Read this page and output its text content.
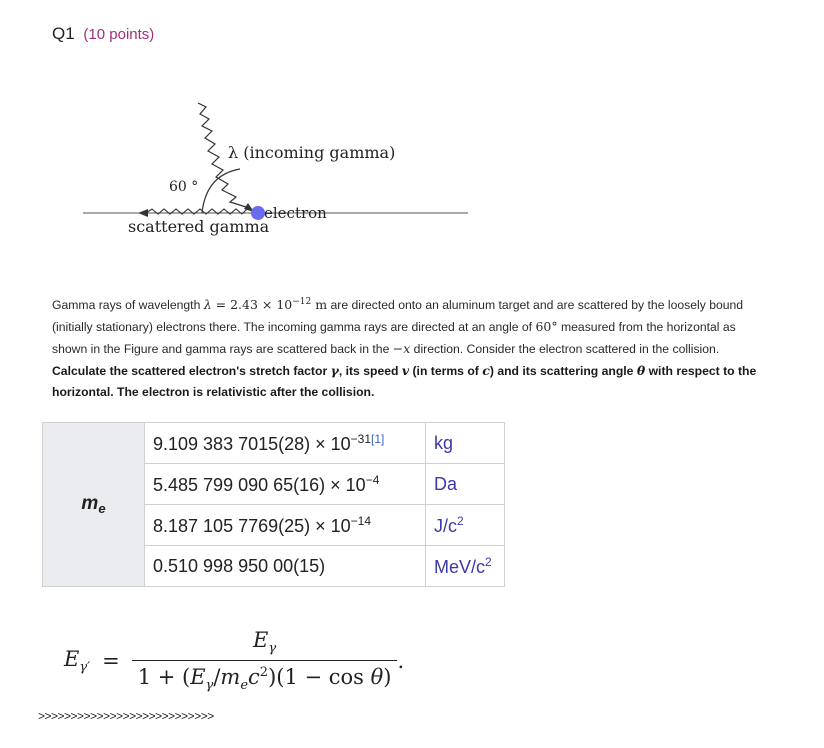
Q1 (10 points)
λ (incoming gamma)
60 °
electron
scattered gamma
Gamma rays of wavelength $\lambda = 2.43 \times 10^{-12}$ m are directed onto an aluminum target and are scattered by the loosely bound (initially stationary) electrons there. The incoming gamma rays are directed at an angle of 60° measured from the horizontal as shown in the Figure and gamma rays are scattered back in the −x direction. Consider the electron scattered in the collision. Calculate the scattered electron's stretch factor γ, its speed v (in terms of c) and its scattering angle θ with respect to the horizontal. The electron is relativistic after the collision.
$m_e$	9.109 383 7015(28) × 10$^{-31[1]}$	kg
	5.485 799 090 $65(16) \times 10^{-4}$	Da
	8.187 105 $7769(25) \times 10^{-14}$	$J/c^2$
	0.510 998 950 00(15)	MeV/$c^2$
$E_{\gamma'} = \frac{E_\gamma}{1 + (E_\gamma/m_ec^2)(1 - \cos \theta)}$ .
>>>>>>>>>>>>>>>>>>>>>>>>>>>
